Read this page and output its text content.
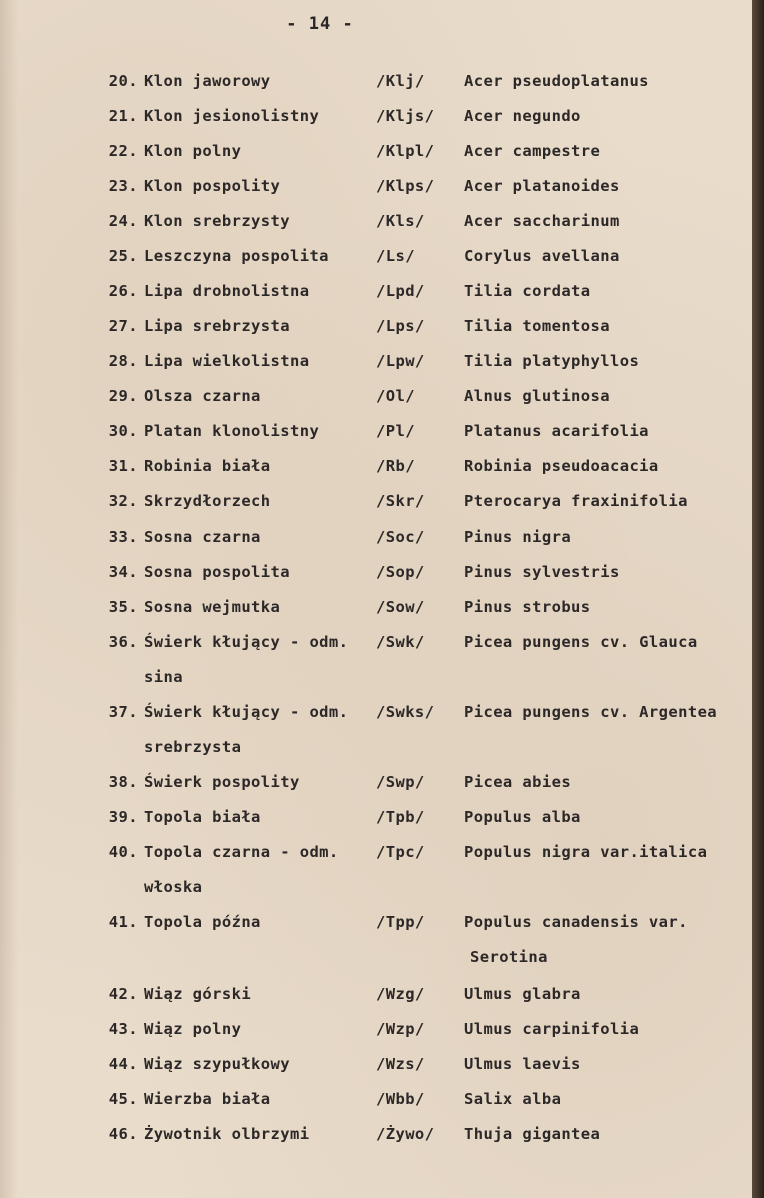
- 14 -
20. Klon jaworowy	/Klj/	Acer pseudoplatanus
21. Klon jesionolistny	/Kljs/ Acer negundo
22. Klon polny	/Klpl/ Acer campestre
23. Klon pospolity	/Klps/ Acer platanoides
24. Klon srebrzysty	/Kls/	Acer saccharinum
25. Leszczyna pospolita	/Ls/	Corylus avellana
26. Lipa drobnolistna	/Lpd/	Tilia cordata
27. Lipa srebrzysta	/Lps/	Tilia tomentosa
28. Lipa wielkolistna	/Lpw/	Tilia platyphyllos
29. Olsza czarna	/Ol/	Alnus glutinosa
30. Platan klonolistny	/Pl/	Platanus acarifolia
31. Robinia biała	/Rb/	Robinia pseudoacacia
32. Skrzydłorzech	/Skr/	Pterocarya fraxinifolia
33. Sosna czarna	/Soc/	Pinus nigra
34. Sosna pospolita	/Sop/	Pinus sylvestris
35. Sosna wejmutka	/Sow/	Pinus strobus
36. Świerk kłujący - odm. /Swk/	Picea pungens cv. Glauca
sina
37. Świerk kłujący - odm. /Swks/ Picea pungens cv. Argentea
srebrzysta
38. Świerk pospolity	/Swp/	Picea abies
39. Topola biała	/Tpb/	Populus alba
40. Topola czarna - odm. /Tpc/	Populus nigra var.italica
włoska
41. Topola późna	/Tpp/	Populus canadensis var.
Serotina
42. Wiąz górski	/Wzg/	Ulmus glabra
43. Wiąz polny	/Wzp/	Ulmus carpinifolia
44. Wiąz szypułkowy	/Wzs/	Ulmus laevis
45. Wierzba biała	/Wbb/	Salix alba
46. Żywotnik olbrzymi	/Żywo/ Thuja gigantea
